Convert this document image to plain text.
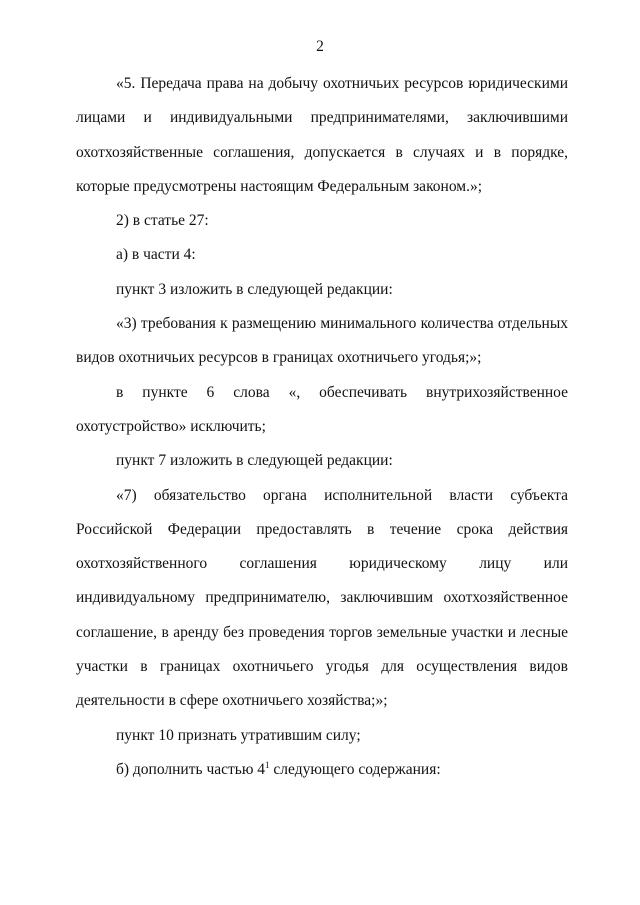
2

«5. Передача права на добычу охотничьих ресурсов юридическими лицами и индивидуальными предпринимателями, заключившими охотхозяйственные соглашения, допускается в случаях и в порядке, которые предусмотрены настоящим Федеральным законом.»;

2) в статье 27:

а) в части 4:

пункт 3 изложить в следующей редакции:

«3) требования к размещению минимального количества отдельных видов охотничьих ресурсов в границах охотничьего угодья;»;

в пункте 6 слова «, обеспечивать внутрихозяйственное охотустройство» исключить;

пункт 7 изложить в следующей редакции:

«7) обязательство органа исполнительной власти субъекта Российской Федерации предоставлять в течение срока действия охотхозяйственного соглашения юридическому лицу или индивидуальному предпринимателю, заключившим охотхозяйственное соглашение, в аренду без проведения торгов земельные участки и лесные участки в границах охотничьего угодья для осуществления видов деятельности в сфере охотничьего хозяйства;»;

пункт 10 признать утратившим силу;

б) дополнить частью $4^1$ следующего содержания:
